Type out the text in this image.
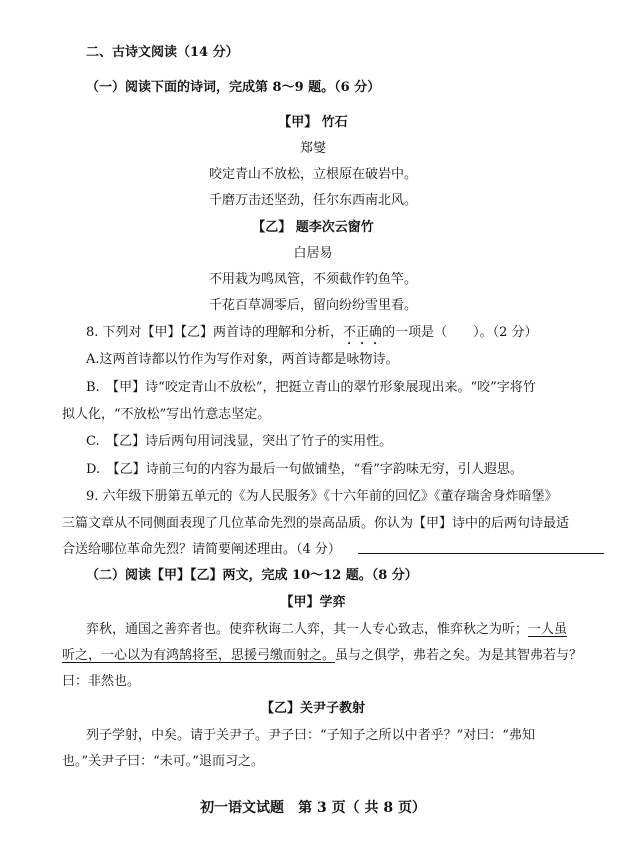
二、古诗文阅读（14 分）
（一）阅读下面的诗词，完成第 8～9 题。（6 分）
【甲】 竹石
郑燮
咬定青山不放松，立根原在破岩中。
千磨万击还坚劲，任尔东西南北风。
【乙】 题李次云窗竹
白居易
不用栽为鸣凤管，不须截作钓鱼竿。
千花百草凋零后，留向纷纷雪里看。
8. 下列对【甲】【乙】两首诗的理解和分析，不正确的一项是（　　）。（2 分）
A.这两首诗都以竹作为写作对象，两首诗都是咏物诗。
B.　【甲】诗“咬定青山不放松”，把挺立青山的翠竹形象展现出来。“咬”字将竹
拟人化，“不放松”写出竹意志坚定。
C.　【乙】诗后两句用词浅显，突出了竹子的实用性。
D.　【乙】诗前三句的内容为最后一句做铺垫，“看”字韵味无穷，引人遐思。
9. 六年级下册第五单元的《为人民服务》《十六年前的回忆》《董存瑞舍身炸暗堡》
三篇文章从不同侧面表现了几位革命先烈的崇高品质。你认为【甲】诗中的后两句诗最适
合送给哪位革命先烈？请简要阐述理由。（4 分）
（二）阅读【甲】【乙】两文，完成 10～12 题。（8 分）
【甲】学弈
弈秋，通国之善弈者也。使弈秋诲二人弈，其一人专心致志，惟弈秋之为听；一人虽
听之，一心以为有鸿鹄将至，思援弓缴而射之。虽与之俱学，弗若之矣。为是其智弗若与？
曰：非然也。
【乙】关尹子教射
列子学射，中矣。请于关尹子。尹子曰：“子知子之所以中者乎？”对曰：“弗知
也。”关尹子曰：“未可。”退而习之。
初一语文试题　 第 3 页（ 共 8 页）
